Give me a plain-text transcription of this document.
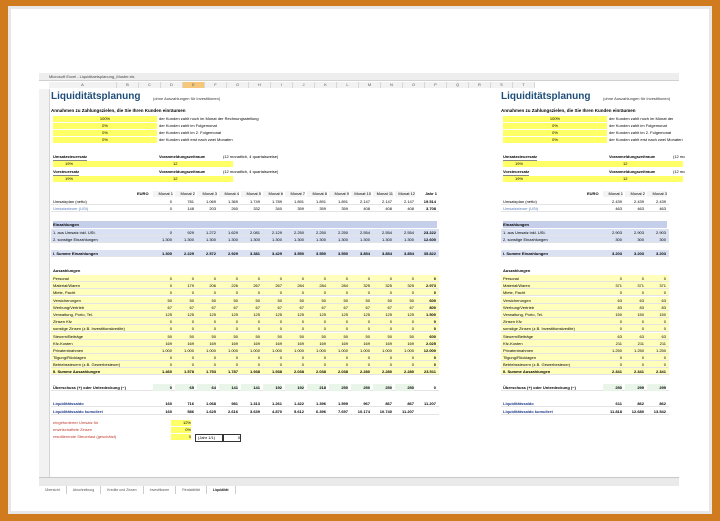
Microsoft Excel - Liquiditaetsplanung_Muster.xls
A	B	C	D	E	F	G	H	I	J	K	L	M	N	O	P	Q	R	S	T
Liquiditätsplanung	(ohne Auszahlungen für Investitionen)
Annahmen zu Zahlungszielen, die Sie Ihren Kunden einräumen
100%	der Kunden zahlt noch im Monat der Rechnungsstellung
0%	der Kunden zahlt im Folgemonat
0%	der Kunden zahlt im 2. Folgemonat
0%	der Kunden zahlt erst nach zwei Monaten
Umsatzsteuersatz
19%
Voranmeldungszeitraum
12
(12 monatlich, 4 quartalsweise)
Vorsteuersatz
19%
Voranmeldungszeitraum
12
(12 monatlich, 4 quartalsweise)
EURO	Monat 1	Monat 2	Monat 3	Monat 4	Monat 5	Monat 6	Monat 7	Monat 8	Monat 9	Monat 10	Monat 11	Monat 12	Jahr 1
Umsatzplan (netto)	0	781	1.069	1.369	1.749	1.789	1.891	1.891	1.891	2.147	2.147	2.147	19.514
Umsatzsteuer (USt)	0	148	203	260	332	340	359	359	359	408	408	408	3.708
Einzahlungen
1. aus Umsatz inkl. USt.	0	929	1.272	1.629	2.081	2.129	2.250	2.250	2.250	2.554	2.554	2.554	23.222
2. sonstige Einzahlungen	1.300	1.300	1.300	1.300	1.300	1.300	1.300	1.300	1.300	1.300	1.300	1.300	12.600
I. Summe Einzahlungen	1.300	2.229	2.572	2.929	3.381	3.429	3.550	3.550	3.550	3.854	3.854	3.854	35.822
Auszahlungen
Personal	0	0	0	0	0	0	0	0	0	0	0	0	0
Material/Waren	0	179	206	226	267	267	284	284	284	325	325	325	2.973
Miete, Pacht	0	0	0	0	0	0	0	0	0	0	0	0	0
Versicherungen	50	50	50	50	50	50	50	50	50	50	50	50	600
Werbung/Vertrieb	67	67	67	67	67	67	67	67	67	67	67	67	800
Verwaltung, Porto, Tel.	125	125	125	125	125	125	125	125	125	125	125	125	1.500
Zinsen Kfz	0	0	0	0	0	0	0	0	0	0	0	0	0
sonstige Zinsen (z.B. Investitionskredite)	0	0	0	0	0	0	0	0	0	0	0	0	0
Steuern/Beiträge	50	50	50	50	50	50	50	50	50	50	50	50	600
Kfz-Kosten	169	169	169	169	169	169	169	169	169	169	169	169	2.025
Privatentnahmen	1.000	1.000	1.000	1.000	1.000	1.000	1.000	1.000	1.000	1.000	1.000	1.000	12.000
Tilgung/Rücklagen	0	0	0	0	0	0	0	0	0	0	0	0	0
Betriebssteuern (z.B. Gewerbesteuer)	0	0	0	0	0	0	0	0	0	0	0	0	0
II. Summe Auszahlungen	1.460	1.578	1.753	1.787	1.938	1.938	2.038	2.038	2.038	2.280	2.280	2.280	23.511
Überschuss (+) oder Unterdeckung (−)	0	65	64	141	141	192	192	218	250	250	250	250	0
Liquiditätssaldo	160	716	1.068	981	1.313	1.261	1.422	1.396	1.599	967	867	867	11.207
Liquiditätssaldo kumuliert	160	586	1.625	2.616	3.639	4.870	5.612	6.396	7.697	10.174	10.740	11.207
Liquiditätsplanung	(ohne Auszahlungen für Investitionen)
Annahmen zu Zahlungszielen, die Sie Ihren Kunden einräumen
100%	der Kunden zahlt noch im Monat der
0%	der Kunden zahlt im Folgemonat
0%	der Kunden zahlt im 2. Folgemonat
0%	der Kunden zahlt erst nach zwei Monaten
Umsatzsteuersatz
19%
Voranmeldungszeitraum
12
(12 mo
Vorsteuersatz
19%
Voranmeldungszeitraum
12
(12 mo
EURO	Monat 1	Monat 2	Monat 3
Umsatzplan (netto)	2.439	2.439	2.439
Umsatzsteuer (USt)	463	463	463
Einzahlungen
1. aus Umsatz inkl. USt.	2.903	2.903	2.903
2. sonstige Einzahlungen	300	300	300
I. Summe Einzahlungen	3.203	3.203	3.203
Auszahlungen
Personal	0	0	0
Material/Waren	371	371	371
Miete, Pacht	0	0	0
Versicherungen	63	63	63
Werbung/Vertrieb	83	83	83
Verwaltung, Porto, Tel.	150	150	150
Zinsen Kfz	0	0	0
sonstige Zinsen (z.B. Investitionskredite)	0	0	0
Steuern/Beiträge	63	63	63
Kfz-Kosten	211	211	211
Privatentnahmen	1.250	1.250	1.250
Tilgung/Rücklagen	0	0	0
Betriebssteuern (z.B. Gewerbesteuer)	0	0	0
II. Summe Auszahlungen	2.341	2.341	2.341
Überschuss (+) oder Unterdeckung (−)	250	299	299
Liquiditätssaldo	611	862	862
Liquiditätssaldo kumuliert	11.818	12.680	13.542
eingeforderter Umsatz für	12%
erwirtschaftete Zinsen	0%
resultierende Steuerlast (geschätzt)	0	(Jahr 1/1)	0
Übersicht	Abschreibung	Kredite und Zinsen	Investitionen	Rentabilität	Liquidität
